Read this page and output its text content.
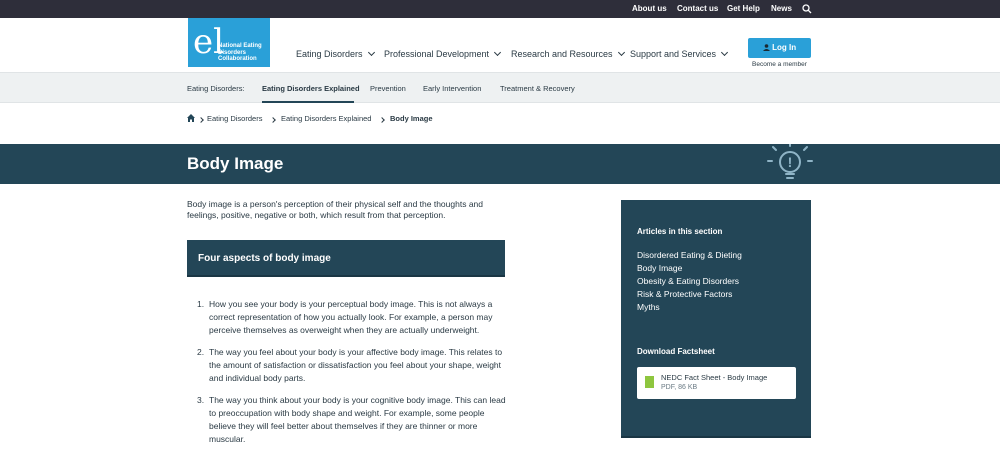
About us Contact us Get Help News
el
National Eating Disorders Collaboration	Eating Disorders	Professional Development	Research and Resources	Support and Services
Log In
Become a member
Eating Disorders: Eating Disorders Explained Prevention Early Intervention Treatment & Recovery
Eating Disorders Eating Disorders Explained Body Image
Body Image	!

Body image is a person's perception of their physical self and the thoughts and feelings, positive, negative or both, which result from that perception.

Four aspects of body image
1. How you see your body is your perceptual body image. This is not always a correct representation of how you actually look. For example, a person may perceive themselves as overweight when they are actually underweight.
2. The way you feel about your body is your affective body image. This relates to the amount of satisfaction or dissatisfaction you feel about your shape, weight and individual body parts.
3. The way you think about your body is your cognitive body image. This can lead to preoccupation with body shape and weight. For example, some people believe they will feel better about themselves if they are thinner or more muscular.
Articles in this section
Disordered Eating & Dieting
Body Image
Obesity & Eating Disorders
Risk & Protective Factors
Myths
Download Factsheet
NEDC Fact Sheet - Body Image
PDF, 86 KB
